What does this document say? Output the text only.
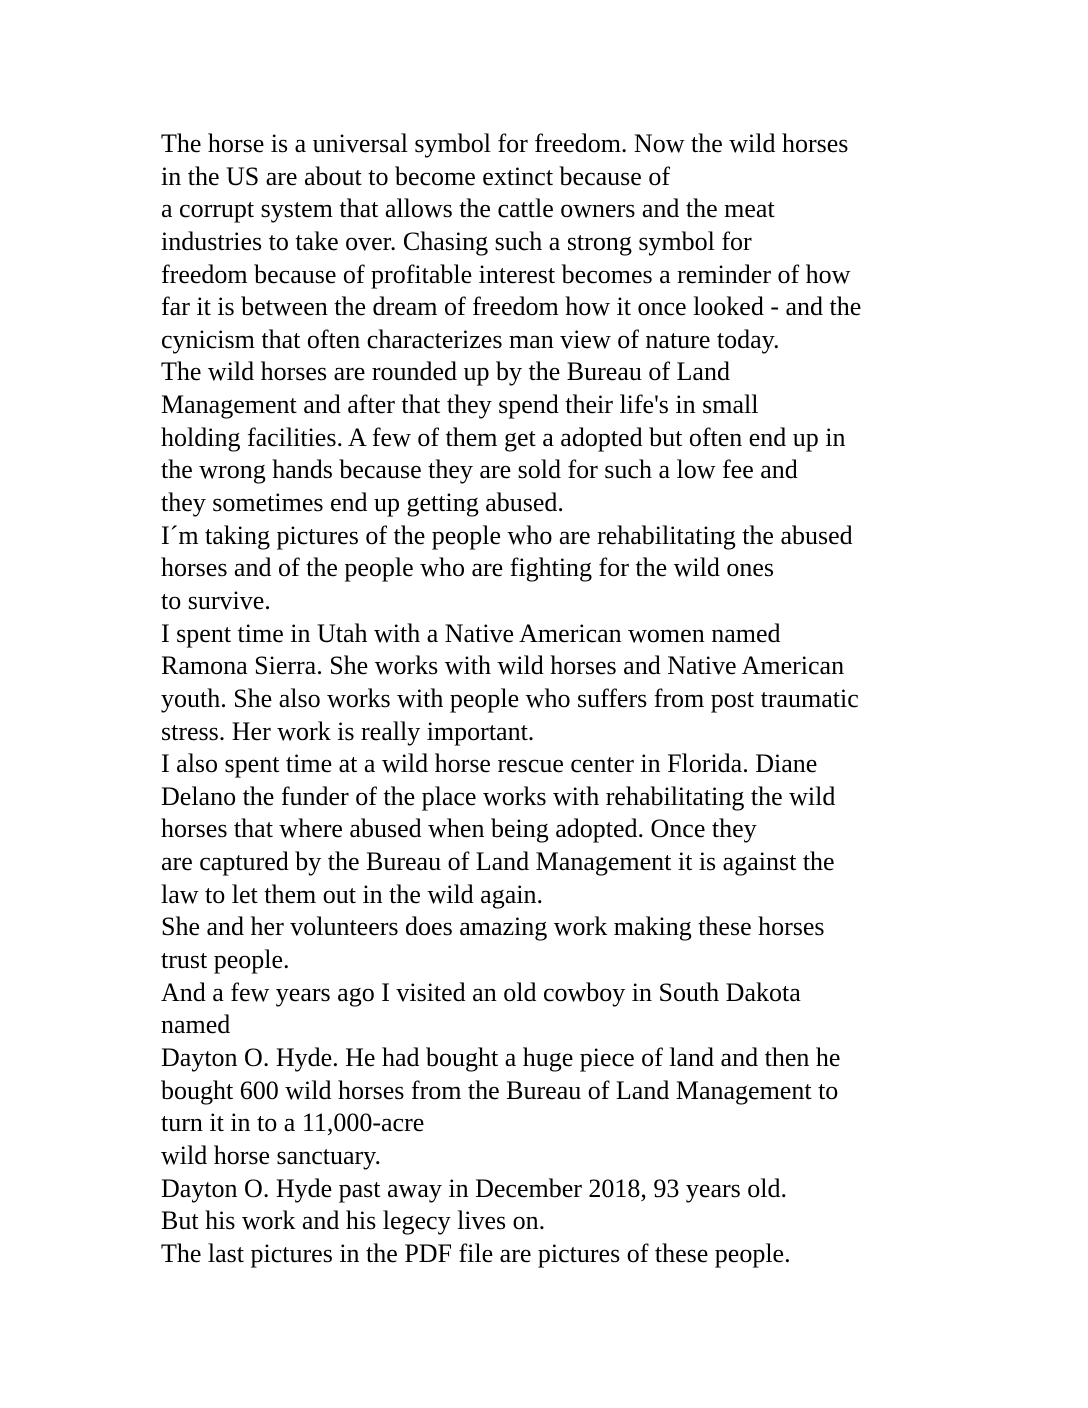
The horse is a universal symbol for freedom. Now the wild horses
in the US are about to become extinct because of
a corrupt system that allows the cattle owners and the meat
industries to take over. Chasing such a strong symbol for
freedom because of profitable interest becomes a reminder of how
far it is between the dream of freedom how it once looked - and the
cynicism that often characterizes man view of nature today.
The wild horses are rounded up by the Bureau of Land
Management and after that they spend their life's in small
holding facilities. A few of them get a adopted but often end up in
the wrong hands because they are sold for such a low fee and
they sometimes end up getting abused.
I´m taking pictures of the people who are rehabilitating the abused
horses and of the people who are fighting for the wild ones
to survive.
I spent time in Utah with a Native American women named
Ramona Sierra. She works with wild horses and Native American
youth. She also works with people who suffers from post traumatic
stress. Her work is really important.
I also spent time at a wild horse rescue center in Florida. Diane
Delano the funder of the place works with rehabilitating the wild
horses that where abused when being adopted. Once they
are captured by the Bureau of Land Management it is against the
law to let them out in the wild again.
She and her volunteers does amazing work making these horses
trust people.
And a few years ago I visited an old cowboy in South Dakota
named
Dayton O. Hyde. He had bought a huge piece of land and then he
bought 600 wild horses from the Bureau of Land Management to
turn it in to a 11,000-acre
wild horse sanctuary.
Dayton O. Hyde past away in December 2018, 93 years old.
But his work and his legecy lives on.
The last pictures in the PDF file are pictures of these people.
